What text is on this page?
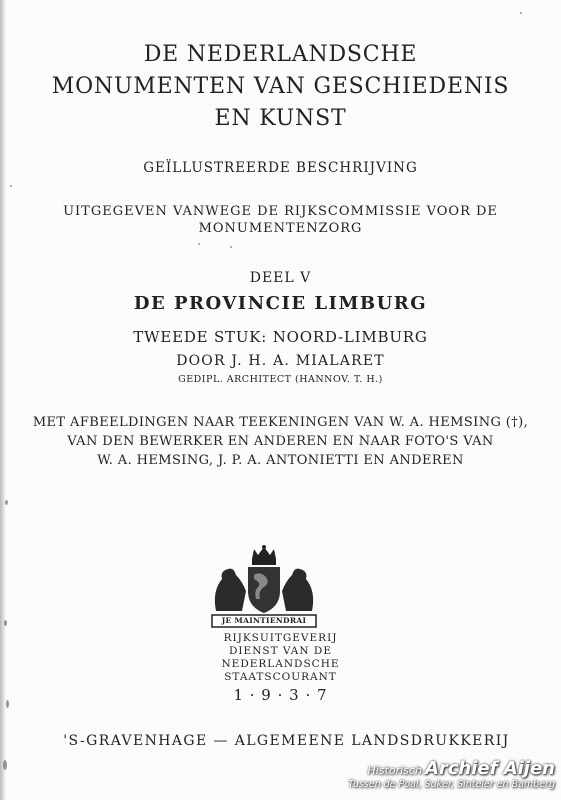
DE NEDERLANDSCHE
MONUMENTEN VAN GESCHIEDENIS
EN KUNST
GEÏLLUSTREERDE BESCHRIJVING
UITGEGEVEN VANWEGE DE RIJKSCOMMISSIE VOOR DE
MONUMENTENZORG
DEEL V
DE PROVINCIE LIMBURG
TWEEDE STUK: NOORD-LIMBURG
DOOR J. H. A. MIALARET
GEDIPL. ARCHITECT (HANNOV. T. H.)
MET AFBEELDINGEN NAAR TEEKENINGEN VAN W. A. HEMSING (†),
VAN DEN BEWERKER EN ANDEREN EN NAAR FOTO'S VAN
W. A. HEMSING, J. P. A. ANTONIETTI EN ANDEREN
JE MAINTIENDRAI
RIJKSUITGEVERIJ
DIENST VAN DE
NEDERLANDSCHE
STAATSCOURANT
1 · 9 · 3 · 7
'S-GRAVENHAGE — ALGEMEENE LANDSDRUKKERIJ
Historisch Archief Aijen
Tussen de Poal, Suker, Sinteler en Bamberg
